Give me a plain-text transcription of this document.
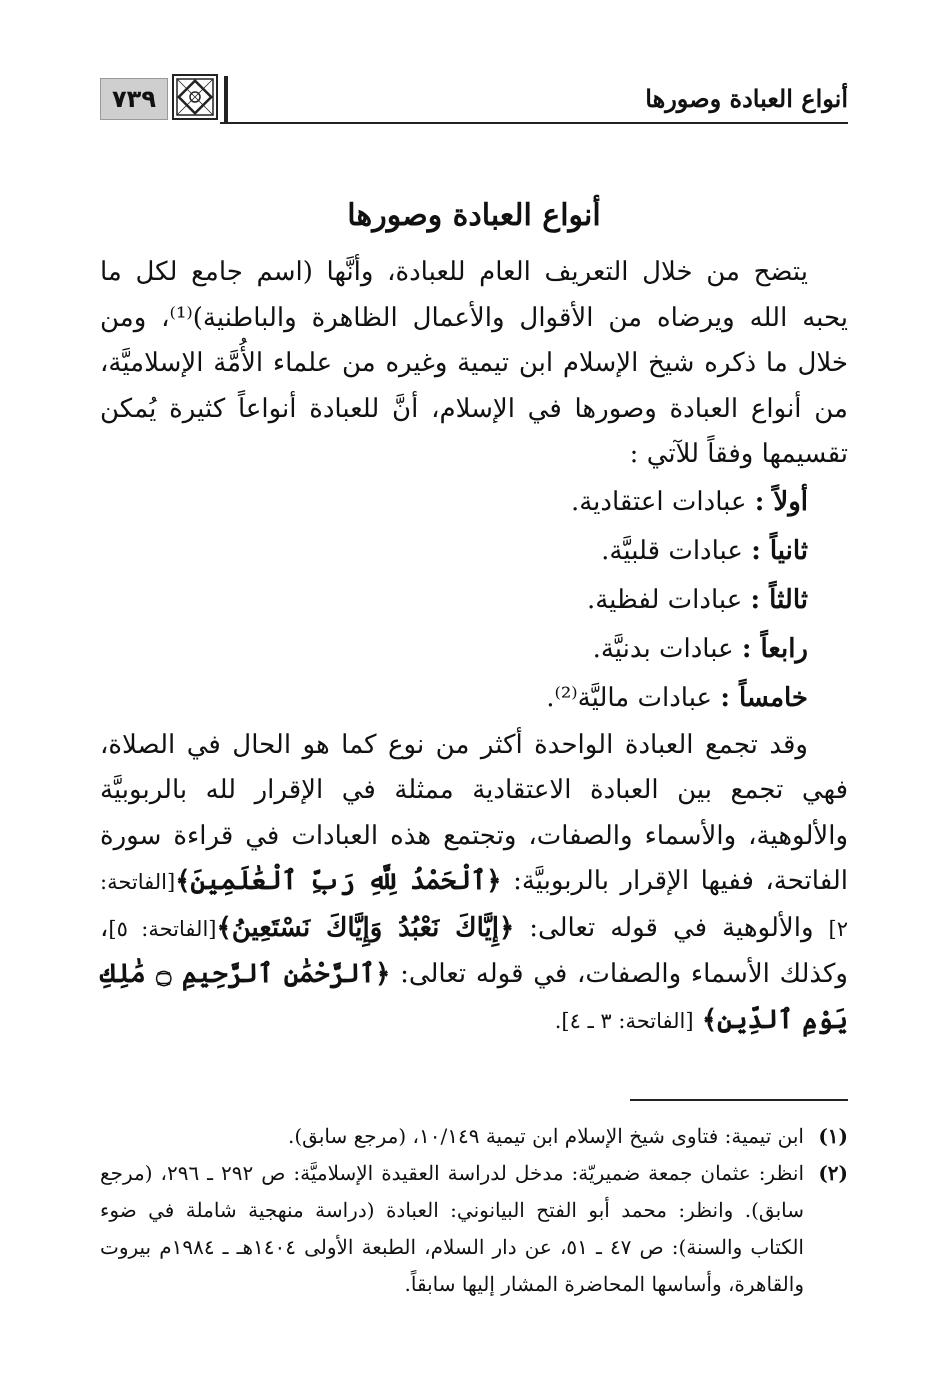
أنواع العبادة وصورها
٧٣٩
أنواع العبادة وصورها

يتضح من خلال التعريف العام للعبادة، وأنَّها (اسم جامع لكل ما يحبه الله ويرضاه من الأقوال والأعمال الظاهرة والباطنية)⁽¹⁾، ومن خلال ما ذكره شيخ الإسلام ابن تيمية وغيره من علماء الأُمَّة الإسلاميَّة، من أنواع العبادة وصورها في الإسلام، أنَّ للعبادة أنواعاً كثيرة يُمكن تقسيمها وفقاً للآتي :

أولاً : عبادات اعتقادية.
ثانياً : عبادات قلبيَّة.
ثالثاً : عبادات لفظية.
رابعاً : عبادات بدنيَّة.
خامساً : عبادات ماليَّة⁽²⁾.

وقد تجمع العبادة الواحدة أكثر من نوع كما هو الحال في الصلاة، فهي تجمع بين العبادة الاعتقادية ممثلة في الإقرار لله بالربوبيَّة والألوهية، والأسماء والصفات، وتجتمع هذه العبادات في قراءة سورة الفاتحة، ففيها الإقرار بالربوبيَّة: ﴿ٱلْحَمْدُ لِلَّهِ رَبِّ ٱلْعَٰلَمِينَ﴾[الفاتحة: ٢] والألوهية في قوله تعالى: ﴿إِيَّاكَ نَعْبُدُ وَإِيَّاكَ نَسْتَعِينُ﴾[الفاتحة: ٥]، وكذلك الأسماء والصفات، في قوله تعالى: ﴿ٱلرَّحْمَٰنِ ٱلرَّحِيمِ ۝ مَٰلِكِ يَوْمِ ٱلدِّينِ﴾ [الفاتحة: ٣ ـ ٤].

(١)
ابن تيمية: فتاوى شيخ الإسلام ابن تيمية ١٠/١٤٩، (مرجع سابق).

(٢)
انظر: عثمان جمعة ضميريّة: مدخل لدراسة العقيدة الإسلاميَّة: ص ٢٩٢ ـ ٢٩٦، (مرجع سابق). وانظر: محمد أبو الفتح البيانوني: العبادة (دراسة منهجية شاملة في ضوء الكتاب والسنة): ص ٤٧ ـ ٥١، عن دار السلام، الطبعة الأولى ١٤٠٤هـ ـ ١٩٨٤م بيروت والقاهرة، وأساسها المحاضرة المشار إليها سابقاً.
